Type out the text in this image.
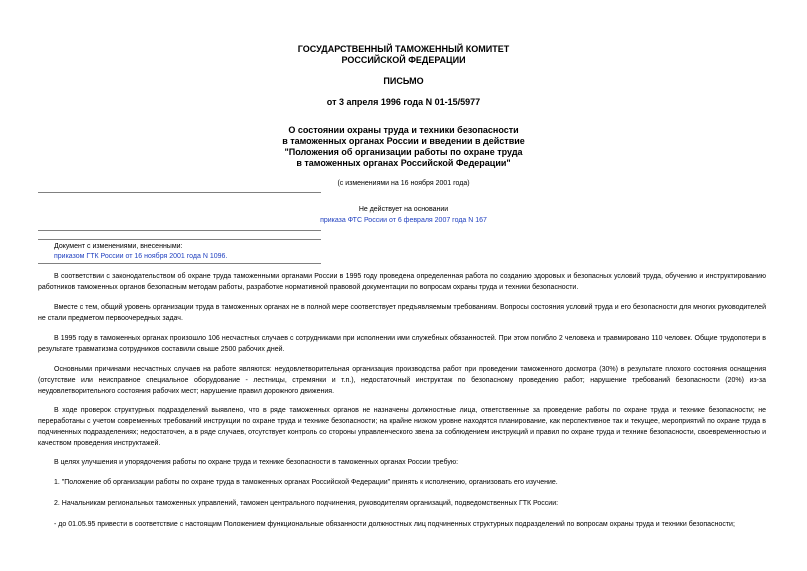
ГОСУДАРСТВЕННЫЙ ТАМОЖЕННЫЙ КОМИТЕТ
РОССИЙСКОЙ ФЕДЕРАЦИИ
ПИСЬМО
от 3 апреля 1996 года N 01-15/5977
О состоянии охраны труда и техники безопасности
в таможенных органах России и введении в действие
"Положения об организации работы по охране труда
в таможенных органах Российской Федерации"
(с изменениями на 16 ноября 2001 года)
Не действует на основании
приказа ФТС России от 6 февраля 2007 года N 167
Документ с изменениями, внесенными:
приказом ГТК России от 16 ноября 2001 года N 1096.
В соответствии с законодательством об охране труда таможенными органами России в 1995 году проведена определенная работа по созданию здоровых и безопасных условий труда, обучению и инструктированию работников таможенных органов безопасным методам работы, разработке нормативной правовой документации по вопросам охраны труда и техники безопасности.
Вместе с тем, общий уровень организации труда в таможенных органах не в полной мере соответствует предъявляемым требованиям. Вопросы состояния условий труда и его безопасности для многих руководителей не стали предметом первоочередных задач.
В 1995 году в таможенных органах произошло 106 несчастных случаев с сотрудниками при исполнении ими служебных обязанностей. При этом погибло 2 человека и травмировано 110 человек. Общие трудопотери в результате травматизма сотрудников составили свыше 2500 рабочих дней.
Основными причинами несчастных случаев на работе являются: неудовлетворительная организация производства работ при проведении таможенного досмотра (30%) в результате плохого состояния оснащения (отсутствие или неисправное специальное оборудование - лестницы, стремянки и т.п.), недостаточный инструктаж по безопасному проведению работ; нарушение требований безопасности (20%) из-за неудовлетворительного состояния рабочих мест; нарушение правил дорожного движения.
В ходе проверок структурных подразделений выявлено, что в ряде таможенных органов не назначены должностные лица, ответственные за проведение работы по охране труда и технике безопасности; не переработаны с учетом современных требований инструкции по охране труда и технике безопасности; на крайне низком уровне находятся планирование, как перспективное так и текущее, мероприятий по охране труда в подчиненных подразделениях; недостаточен, а в ряде случаев, отсутствует контроль со стороны управленческого звена за соблюдением инструкций и правил по охране труда и технике безопасности, своевременностью и качеством проведения инструктажей.
В целях улучшения и упорядочения работы по охране труда и технике безопасности в таможенных органах России требую:
1. "Положение об организации работы по охране труда в таможенных органах Российской Федерации" принять к исполнению, организовать его изучение.
2. Начальникам региональных таможенных управлений, таможен центрального подчинения, руководителям организаций, подведомственных ГТК России:
- до 01.05.95 привести в соответствие с настоящим Положением функциональные обязанности должностных лиц подчиненных структурных подразделений по вопросам охраны труда и техники безопасности;
